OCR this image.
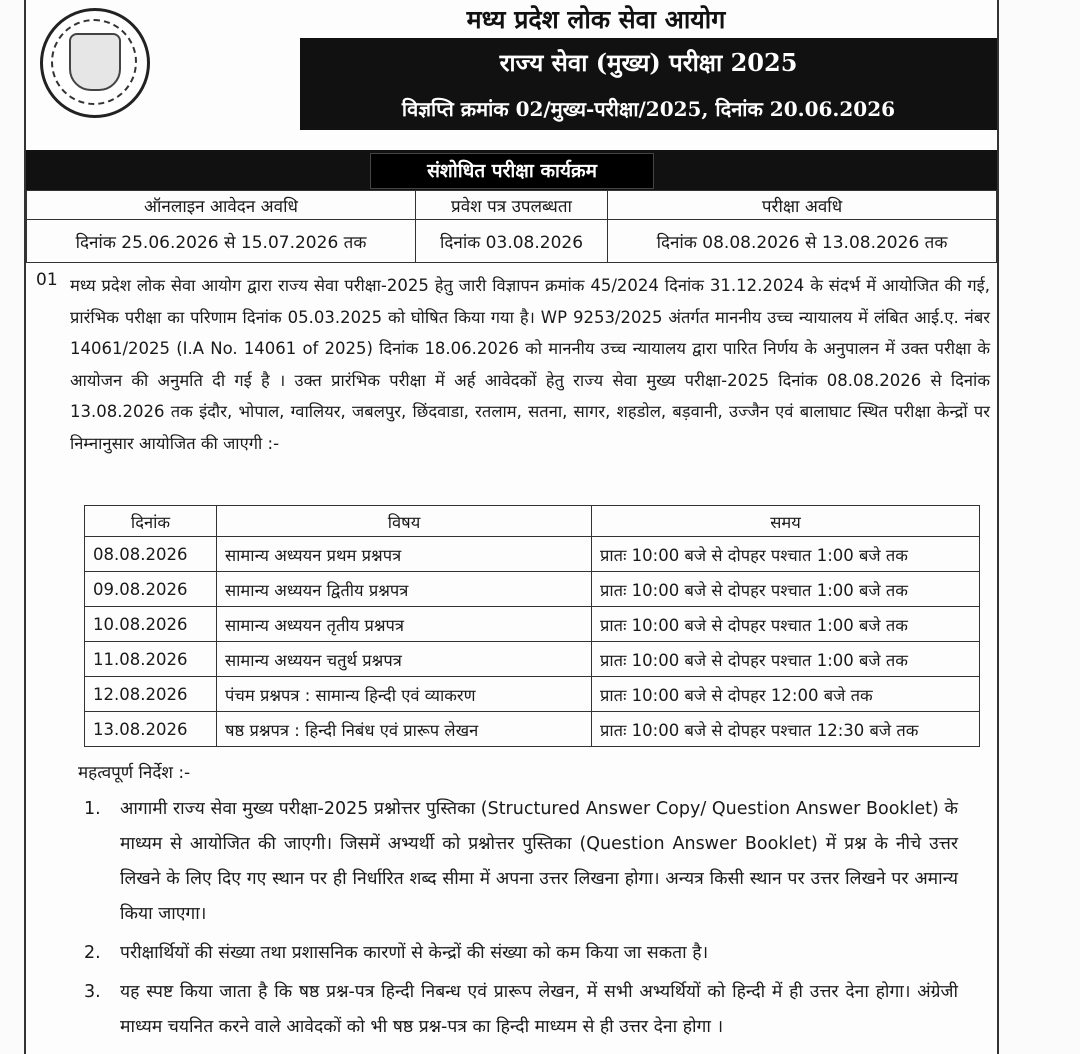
मध्य प्रदेश लोक सेवा आयोग
राज्य सेवा (मुख्य) परीक्षा 2025
विज्ञप्ति क्रमांक 02/मुख्य-परीक्षा/2025, दिनांक 20.06.2026
संशोधित परीक्षा कार्यक्रम
ऑनलाइन आवेदन अवधि	प्रवेश पत्र उपलब्धता	परीक्षा अवधि
दिनांक 25.06.2026 से 15.07.2026 तक	दिनांक 03.08.2026	दिनांक 08.08.2026 से 13.08.2026 तक
01 मध्य प्रदेश लोक सेवा आयोग द्वारा राज्य सेवा परीक्षा-2025 हेतु जारी विज्ञापन क्रमांक 45/2024 दिनांक 31.12.2024 के संदर्भ में आयोजित की गई, प्रारंभिक परीक्षा का परिणाम दिनांक 05.03.2025 को घोषित किया गया है। WP 9253/2025 अंतर्गत माननीय उच्च न्यायालय में लंबित आई.ए. नंबर 14061/2025 (I.A No. 14061 of 2025) दिनांक 18.06.2026 को माननीय उच्च न्यायालय द्वारा पारित निर्णय के अनुपालन में उक्त परीक्षा के आयोजन की अनुमति दी गई है । उक्त प्रारंभिक परीक्षा में अर्ह आवेदकों हेतु राज्य सेवा मुख्य परीक्षा-2025 दिनांक 08.08.2026 से दिनांक 13.08.2026 तक इंदौर, भोपाल, ग्वालियर, जबलपुर, छिंदवाडा, रतलाम, सतना, सागर, शहडोल, बड़वानी, उज्जैन एवं बालाघाट स्थित परीक्षा केन्द्रों पर निम्नानुसार आयोजित की जाएगी :-
दिनांक	विषय	समय
08.08.2026	सामान्य अध्ययन प्रथम प्रश्नपत्र	प्रातः 10:00 बजे से दोपहर पश्चात 1:00 बजे तक
09.08.2026	सामान्य अध्ययन द्वितीय प्रश्नपत्र	प्रातः 10:00 बजे से दोपहर पश्चात 1:00 बजे तक
10.08.2026	सामान्य अध्ययन तृतीय प्रश्नपत्र	प्रातः 10:00 बजे से दोपहर पश्चात 1:00 बजे तक
11.08.2026	सामान्य अध्ययन चतुर्थ प्रश्नपत्र	प्रातः 10:00 बजे से दोपहर पश्चात 1:00 बजे तक
12.08.2026	पंचम प्रश्नपत्र : सामान्य हिन्दी एवं व्याकरण	प्रातः 10:00 बजे से दोपहर 12:00 बजे तक
13.08.2026	षष्ठ प्रश्नपत्र : हिन्दी निबंध एवं प्रारूप लेखन	प्रातः 10:00 बजे से दोपहर पश्चात 12:30 बजे तक
महत्वपूर्ण निर्देश :-
1. आगामी राज्य सेवा मुख्य परीक्षा-2025 प्रश्नोत्तर पुस्तिका (Structured Answer Copy/ Question Answer Booklet) के माध्यम से आयोजित की जाएगी। जिसमें अभ्यर्थी को प्रश्नोत्तर पुस्तिका (Question Answer Booklet) में प्रश्न के नीचे उत्तर लिखने के लिए दिए गए स्थान पर ही निर्धारित शब्द सीमा में अपना उत्तर लिखना होगा। अन्यत्र किसी स्थान पर उत्तर लिखने पर अमान्य किया जाएगा।
2. परीक्षार्थियों की संख्या तथा प्रशासनिक कारणों से केन्द्रों की संख्या को कम किया जा सकता है।
3. यह स्पष्ट किया जाता है कि षष्ठ प्रश्न-पत्र हिन्दी निबन्ध एवं प्रारूप लेखन, में सभी अभ्यर्थियों को हिन्दी में ही उत्तर देना होगा। अंग्रेजी माध्यम चयनित करने वाले आवेदकों को भी षष्ठ प्रश्न-पत्र का हिन्दी माध्यम से ही उत्तर देना होगा ।
